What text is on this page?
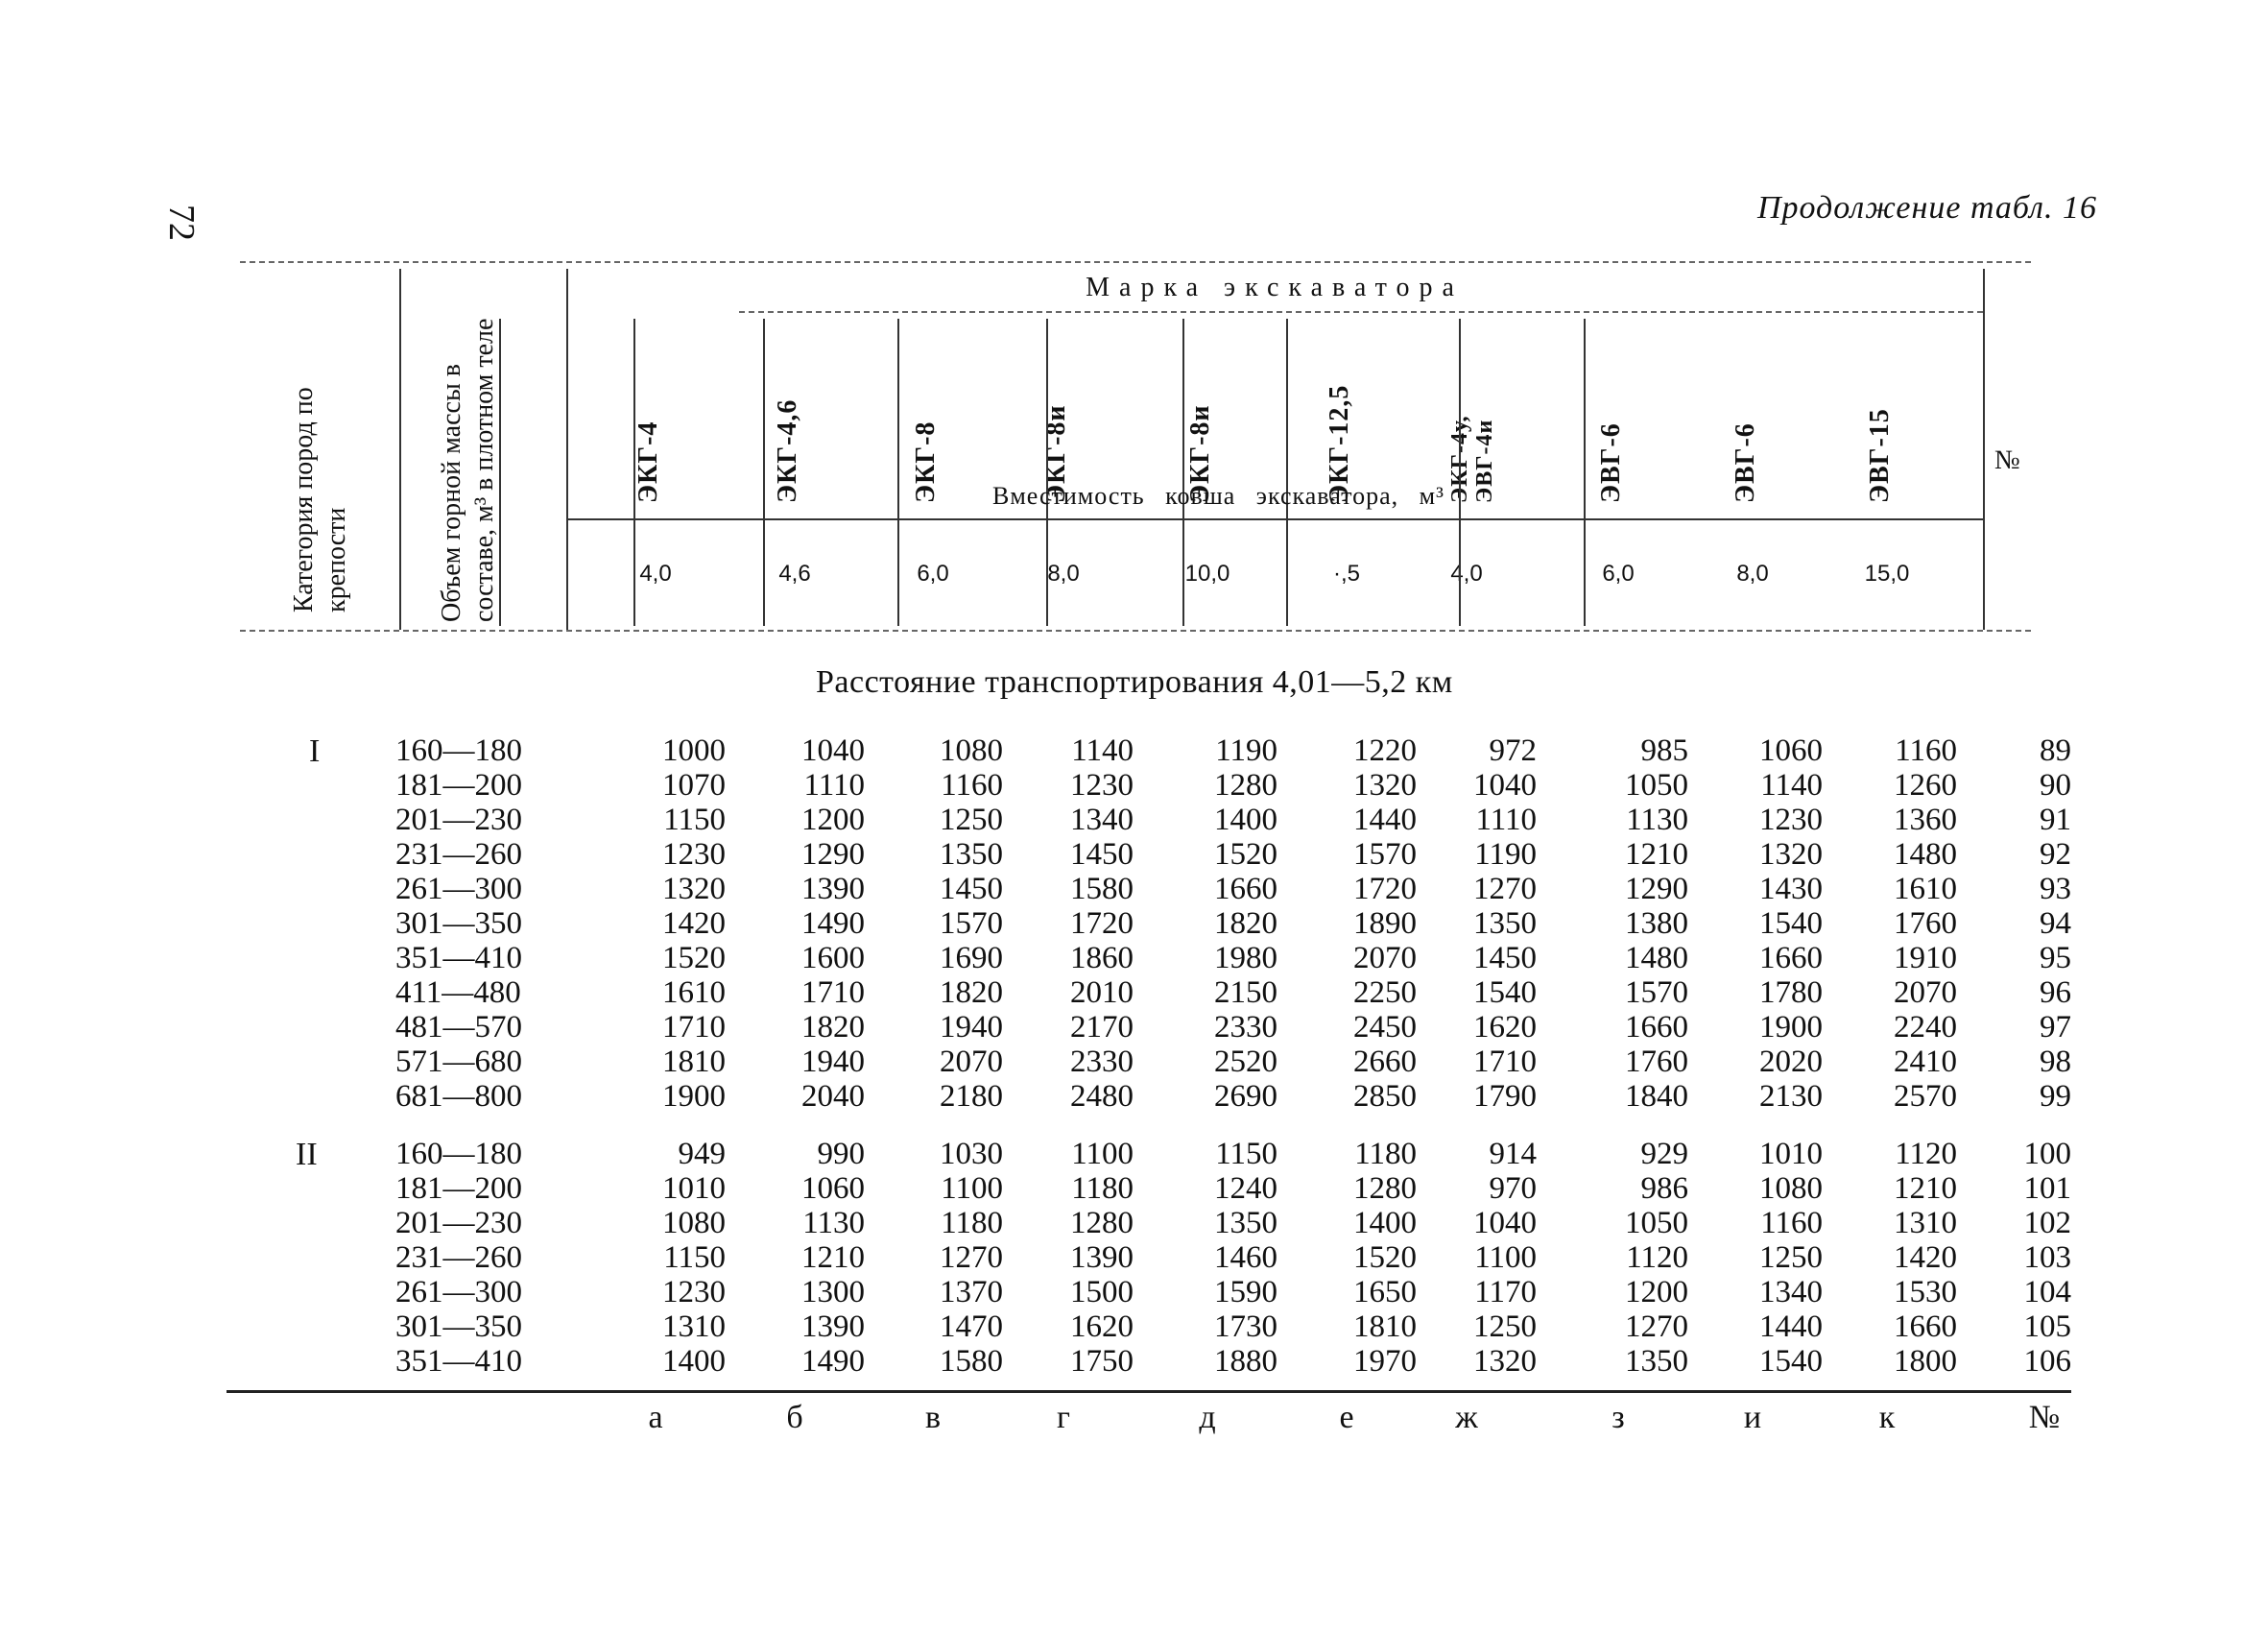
72	Продолжение табл. 16
Категория пород по крепости	Объем горной массы в составе, м³ в плотном теле
Марка экскаватора
ЭКГ-4
4,0
ЭКГ-4,6
4,6
ЭКГ-8
6,0
ЭКГ-8и
8,0
ЭКГ-8и
10,0
ЭКГ-12,5
·,5
ЭКГ-4у, ЭВГ-4и
4,0
ЭВГ-6
6,0
ЭВГ-6
8,0
ЭВГ-15
15,0
Вместимость ковша экскаватора, м³
№
Расстояние транспортирования 4,01—5,2 км
I 160—180	1000	1040	1080	1140	1190	1220	972	985	1060	1160	89
181—200	1070	1110	1160	1230	1280	1320	1040	1050	1140	1260	90
201—230	1150	1200	1250	1340	1400	1440	1110	1130	1230	1360	91
231—260	1230	1290	1350	1450	1520	1570	1190	1210	1320	1480	92
261—300	1320	1390	1450	1580	1660	1720	1270	1290	1430	1610	93
301—350	1420	1490	1570	1720	1820	1890	1350	1380	1540	1760	94
351—410	1520	1600	1690	1860	1980	2070	1450	1480	1660	1910	95
411—480	1610	1710	1820	2010	2150	2250	1540	1570	1780	2070	96
481—570	1710	1820	1940	2170	2330	2450	1620	1660	1900	2240	97
571—680	1810	1940	2070	2330	2520	2660	1710	1760	2020	2410	98
681—800	1900	2040	2180	2480	2690	2850	1790	1840	2130	2570	99
II 160—180	949	990	1030	1100	1150	1180	914	929	1010	1120	100
181—200	1010	1060	1100	1180	1240	1280	970	986	1080	1210	101
201—230	1080	1130	1180	1280	1350	1400	1040	1050	1160	1310	102
231—260	1150	1210	1270	1390	1460	1520	1100	1120	1250	1420	103
261—300	1230	1300	1370	1500	1590	1650	1170	1200	1340	1530	104
301—350	1310	1390	1470	1620	1730	1810	1250	1270	1440	1660	105
351—410	1400	1490	1580	1750	1880	1970	1320	1350	1540	1800	106
а	б	в	г	д	е	ж	з	и	к	№
